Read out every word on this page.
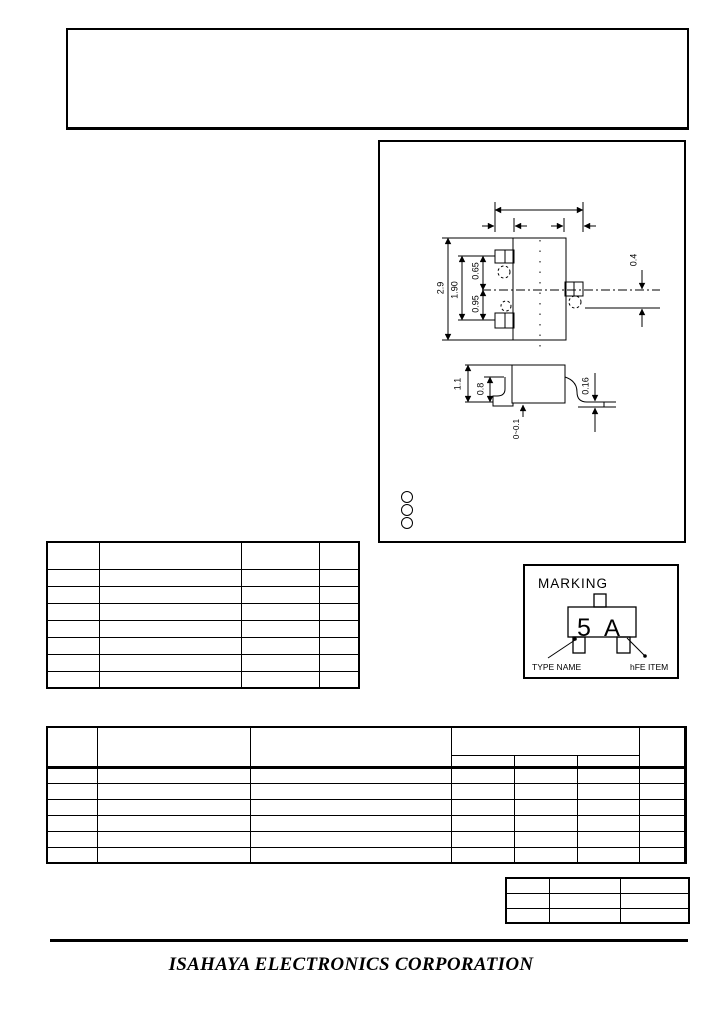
2.9 1.90
0.65
0.95
0.4
1.1 0.8	0.16
0~0.1

MARKING
5 A
TYPE NAME	hFE ITEM

ISAHAYA ELECTRONICS CORPORATION
